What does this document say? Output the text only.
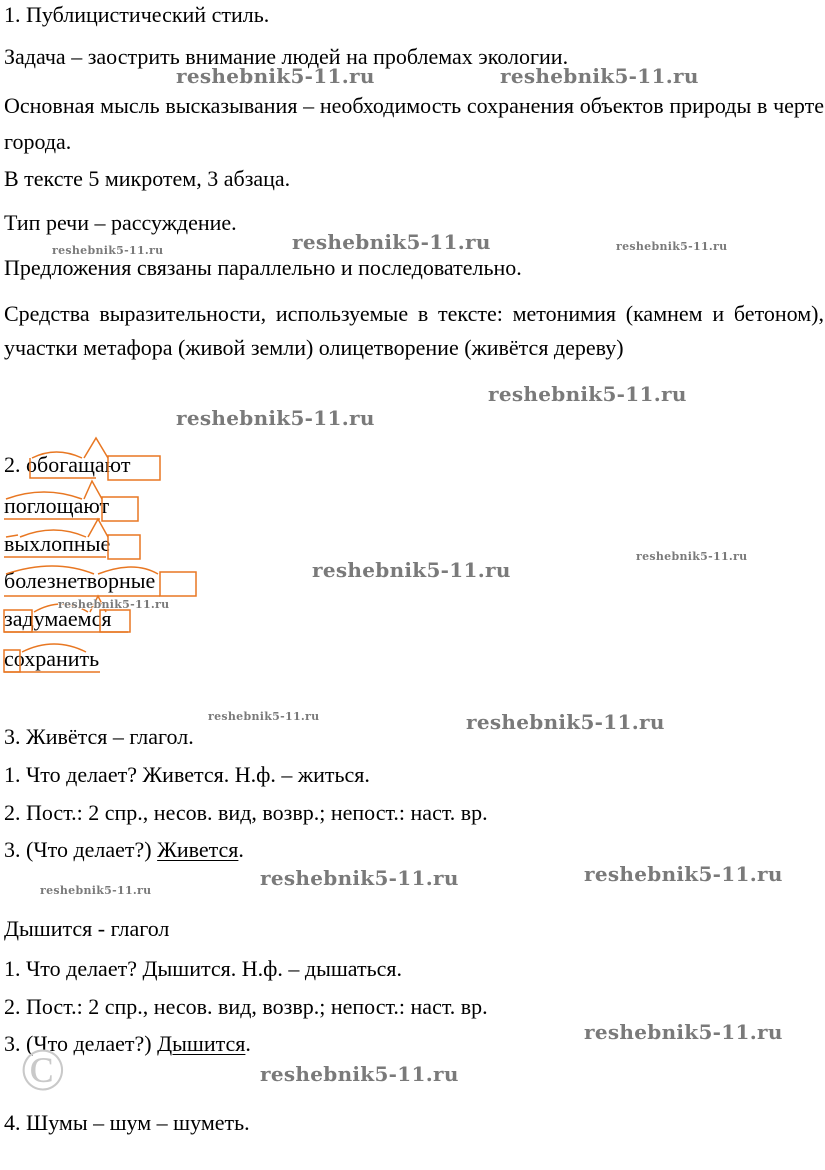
1. Публицистический стиль.
Задача – заострить внимание людей на проблемах экологии.
Основная мысль высказывания – необходимость сохранения объектов природы в черте города.
В тексте 5 микротем, 3 абзаца.
Тип речи – рассуждение.
Предложения связаны параллельно и последовательно.
Средства выразительности, используемые в тексте: метонимия (камнем и бетоном), участки метафора (живой земли) олицетворение (живётся дереву)
2. обогащают
поглощают
выхлопные
болезнетворные
задумаемся
сохранить
3. Живётся – глагол.
1. Что делает? Живется. Н.ф. – житься.
2. Пост.: 2 спр., несов. вид, возвр.; непост.: наст. вр.
3. (Что делает?) Живется.
Дышится - глагол
1. Что делает? Дышится. Н.ф. – дышаться.
2. Пост.: 2 спр., несов. вид, возвр.; непост.: наст. вр.
3. (Что делает?) Дышится.
4. Шумы – шум – шуметь.
©
reshebnik5-11.ru	reshebnik5-11.ru
reshebnik5-11.ru	reshebnik5-11.ru	reshebnik5-11.ru
reshebnik5-11.ru
reshebnik5-11.ru
reshebnik5-11.ru
reshebnik5-11.ru
reshebnik5-11.ru
reshebnik5-11.ru	reshebnik5-11.ru
reshebnik5-11.ru
reshebnik5-11.ru
reshebnik5-11.ru
reshebnik5-11.ru
reshebnik5-11.ru
